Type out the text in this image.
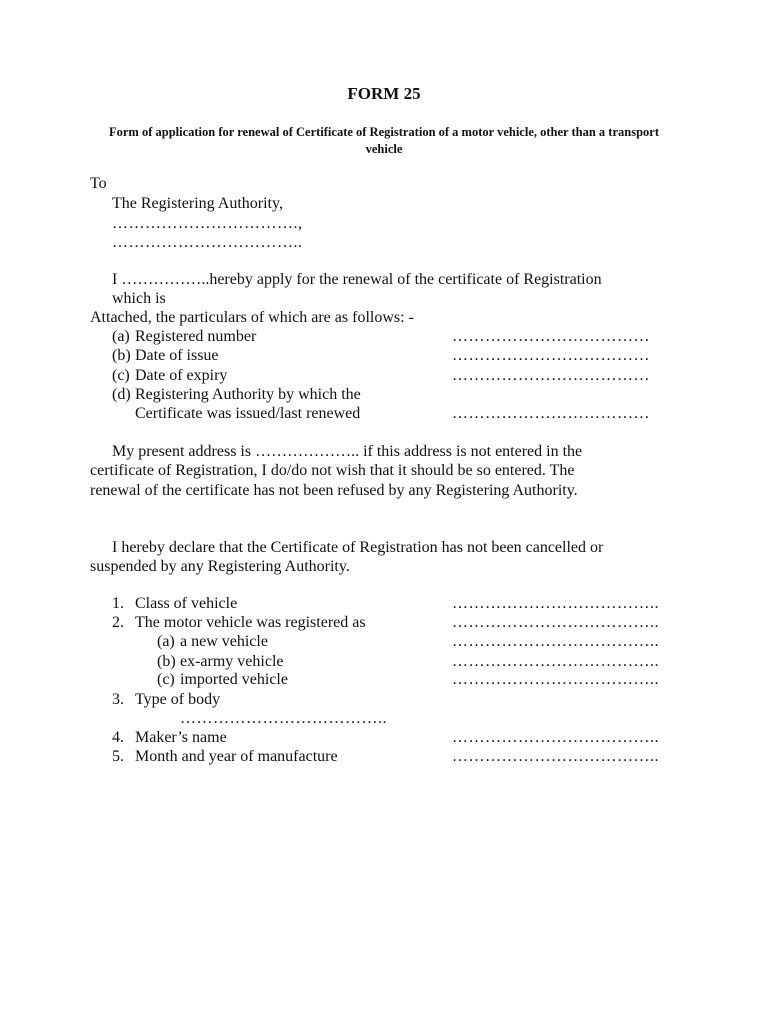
FORM 25
Form of application for renewal of Certificate of Registration of a motor vehicle, other than a transport vehicle
To
The Registering Authority,
…………………………….,
……………………………..
I ……………..hereby apply for the renewal of the certificate of Registration
which is
Attached, the particulars of which are as follows: -
(a) Registered number	………………………………
(b) Date of issue	………………………………
(c) Date of expiry	………………………………
(d) Registering Authority by which the
Certificate was issued/last renewed	………………………………
My present address is ……………….. if this address is not entered in the
certificate of Registration, I do/do not wish that it should be so entered. The
renewal of the certificate has not been refused by any Registering Authority.
I hereby declare that the Certificate of Registration has not been cancelled or
suspended by any Registering Authority.
1. Class of vehicle	………………………………..
2. The motor vehicle was registered as	………………………………..
(a) a new vehicle	………………………………..
(b) ex-army vehicle	………………………………..
(c) imported vehicle	………………………………..
3. Type of body
………………………………..
4. Maker’s name	………………………………..
5. Month and year of manufacture	………………………………..
